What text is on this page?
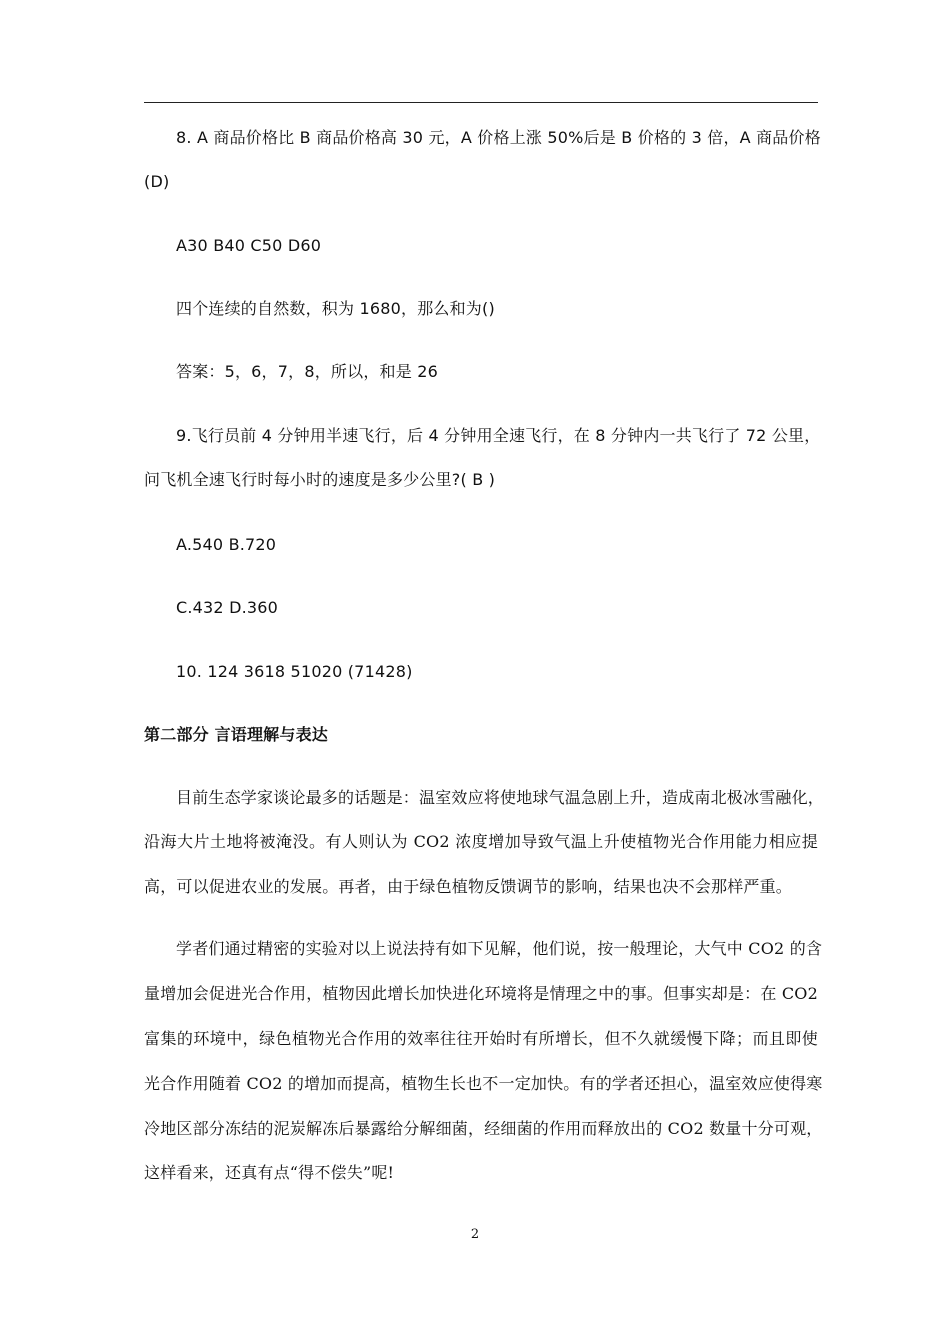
8. A 商品价格比 B 商品价格高 30 元，A 价格上涨 50%后是 B 价格的 3 倍，A 商品价格
(D)
A30 B40 C50 D60
四个连续的自然数，积为 1680，那么和为()
答案：5，6，7，8，所以，和是 26
9.飞行员前 4 分钟用半速飞行，后 4 分钟用全速飞行，在 8 分钟内一共飞行了 72 公里，
问飞机全速飞行时每小时的速度是多少公里?( B )
A.540 B.720
C.432 D.360
10. 124 3618 51020 (71428)
第二部分 言语理解与表达
目前生态学家谈论最多的话题是：温室效应将使地球气温急剧上升，造成南北极冰雪融化，
沿海大片土地将被淹没。有人则认为 CO2 浓度增加导致气温上升使植物光合作用能力相应提
高，可以促进农业的发展。再者，由于绿色植物反馈调节的影响，结果也决不会那样严重。
学者们通过精密的实验对以上说法持有如下见解，他们说，按一般理论，大气中 CO2 的含
量增加会促进光合作用，植物因此增长加快进化环境将是情理之中的事。但事实却是：在 CO2
富集的环境中，绿色植物光合作用的效率往往开始时有所增长，但不久就缓慢下降；而且即使
光合作用随着 CO2 的增加而提高，植物生长也不一定加快。有的学者还担心，温室效应使得寒
冷地区部分冻结的泥炭解冻后暴露给分解细菌，经细菌的作用而释放出的 CO2 数量十分可观，
这样看来，还真有点“得不偿失”呢!
2
